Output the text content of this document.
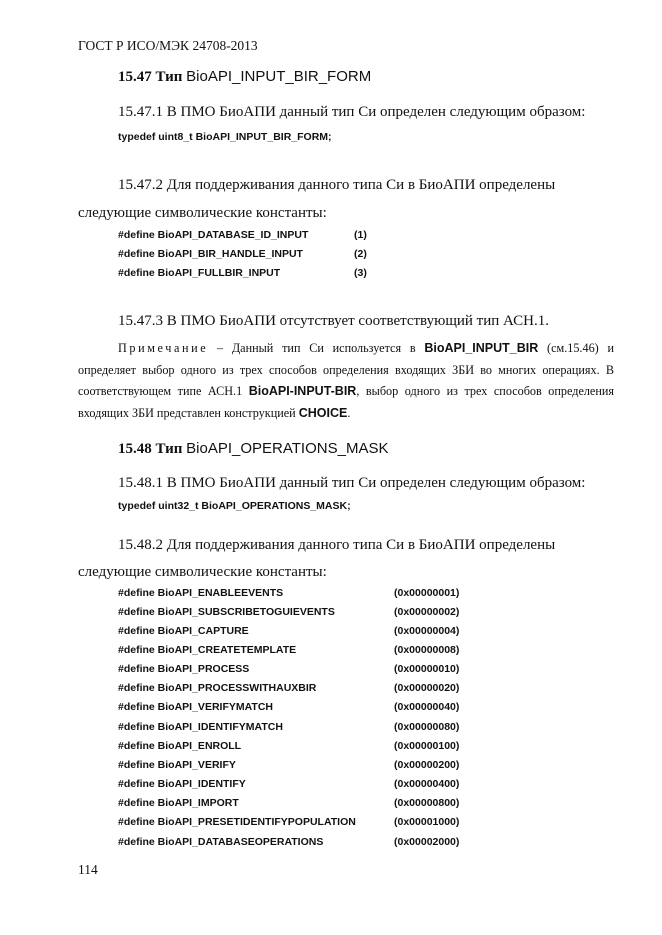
ГОСТ Р ИСО/МЭК 24708-2013
15.47 Тип BioAPI_INPUT_BIR_FORM
15.47.1 В ПМО БиоАПИ данный тип Си определен следующим образом:
typedef uint8_t BioAPI_INPUT_BIR_FORM;
15.47.2 Для поддерживания данного типа Си в БиоАПИ определены
следующие символические константы:
#define BioAPI_DATABASE_ID_INPUT	(1)
#define BioAPI_BIR_HANDLE_INPUT	(2)
#define BioAPI_FULLBIR_INPUT	(3)
15.47.3 В ПМО БиоАПИ отсутствует соответствующий тип АСН.1.
Примечание – Данный тип Си используется в BioAPI_INPUT_BIR (см.15.46) и определяет выбор одного из трех способов определения входящих ЗБИ во многих операциях. В соответствующем типе АСН.1 BioAPI-INPUT-BIR, выбор одного из трех способов определения входящих ЗБИ представлен конструкцией CHOICE.
15.48 Тип BioAPI_OPERATIONS_MASK
15.48.1 В ПМО БиоАПИ данный тип Си определен следующим образом:
typedef uint32_t BioAPI_OPERATIONS_MASK;
15.48.2 Для поддерживания данного типа Си в БиоАПИ определены
следующие символические константы:
#define BioAPI_ENABLEEVENTS	(0x00000001)
#define BioAPI_SUBSCRIBETOGUIEVENTS	(0x00000002)
#define BioAPI_CAPTURE	(0x00000004)
#define BioAPI_CREATETEMPLATE	(0x00000008)
#define BioAPI_PROCESS	(0x00000010)
#define BioAPI_PROCESSWITHAUXBIR	(0x00000020)
#define BioAPI_VERIFYMATCH	(0x00000040)
#define BioAPI_IDENTIFYMATCH	(0x00000080)
#define BioAPI_ENROLL	(0x00000100)
#define BioAPI_VERIFY	(0x00000200)
#define BioAPI_IDENTIFY	(0x00000400)
#define BioAPI_IMPORT	(0x00000800)
#define BioAPI_PRESETIDENTIFYPOPULATION	(0x00001000)
#define BioAPI_DATABASEOPERATIONS	(0x00002000)
114
